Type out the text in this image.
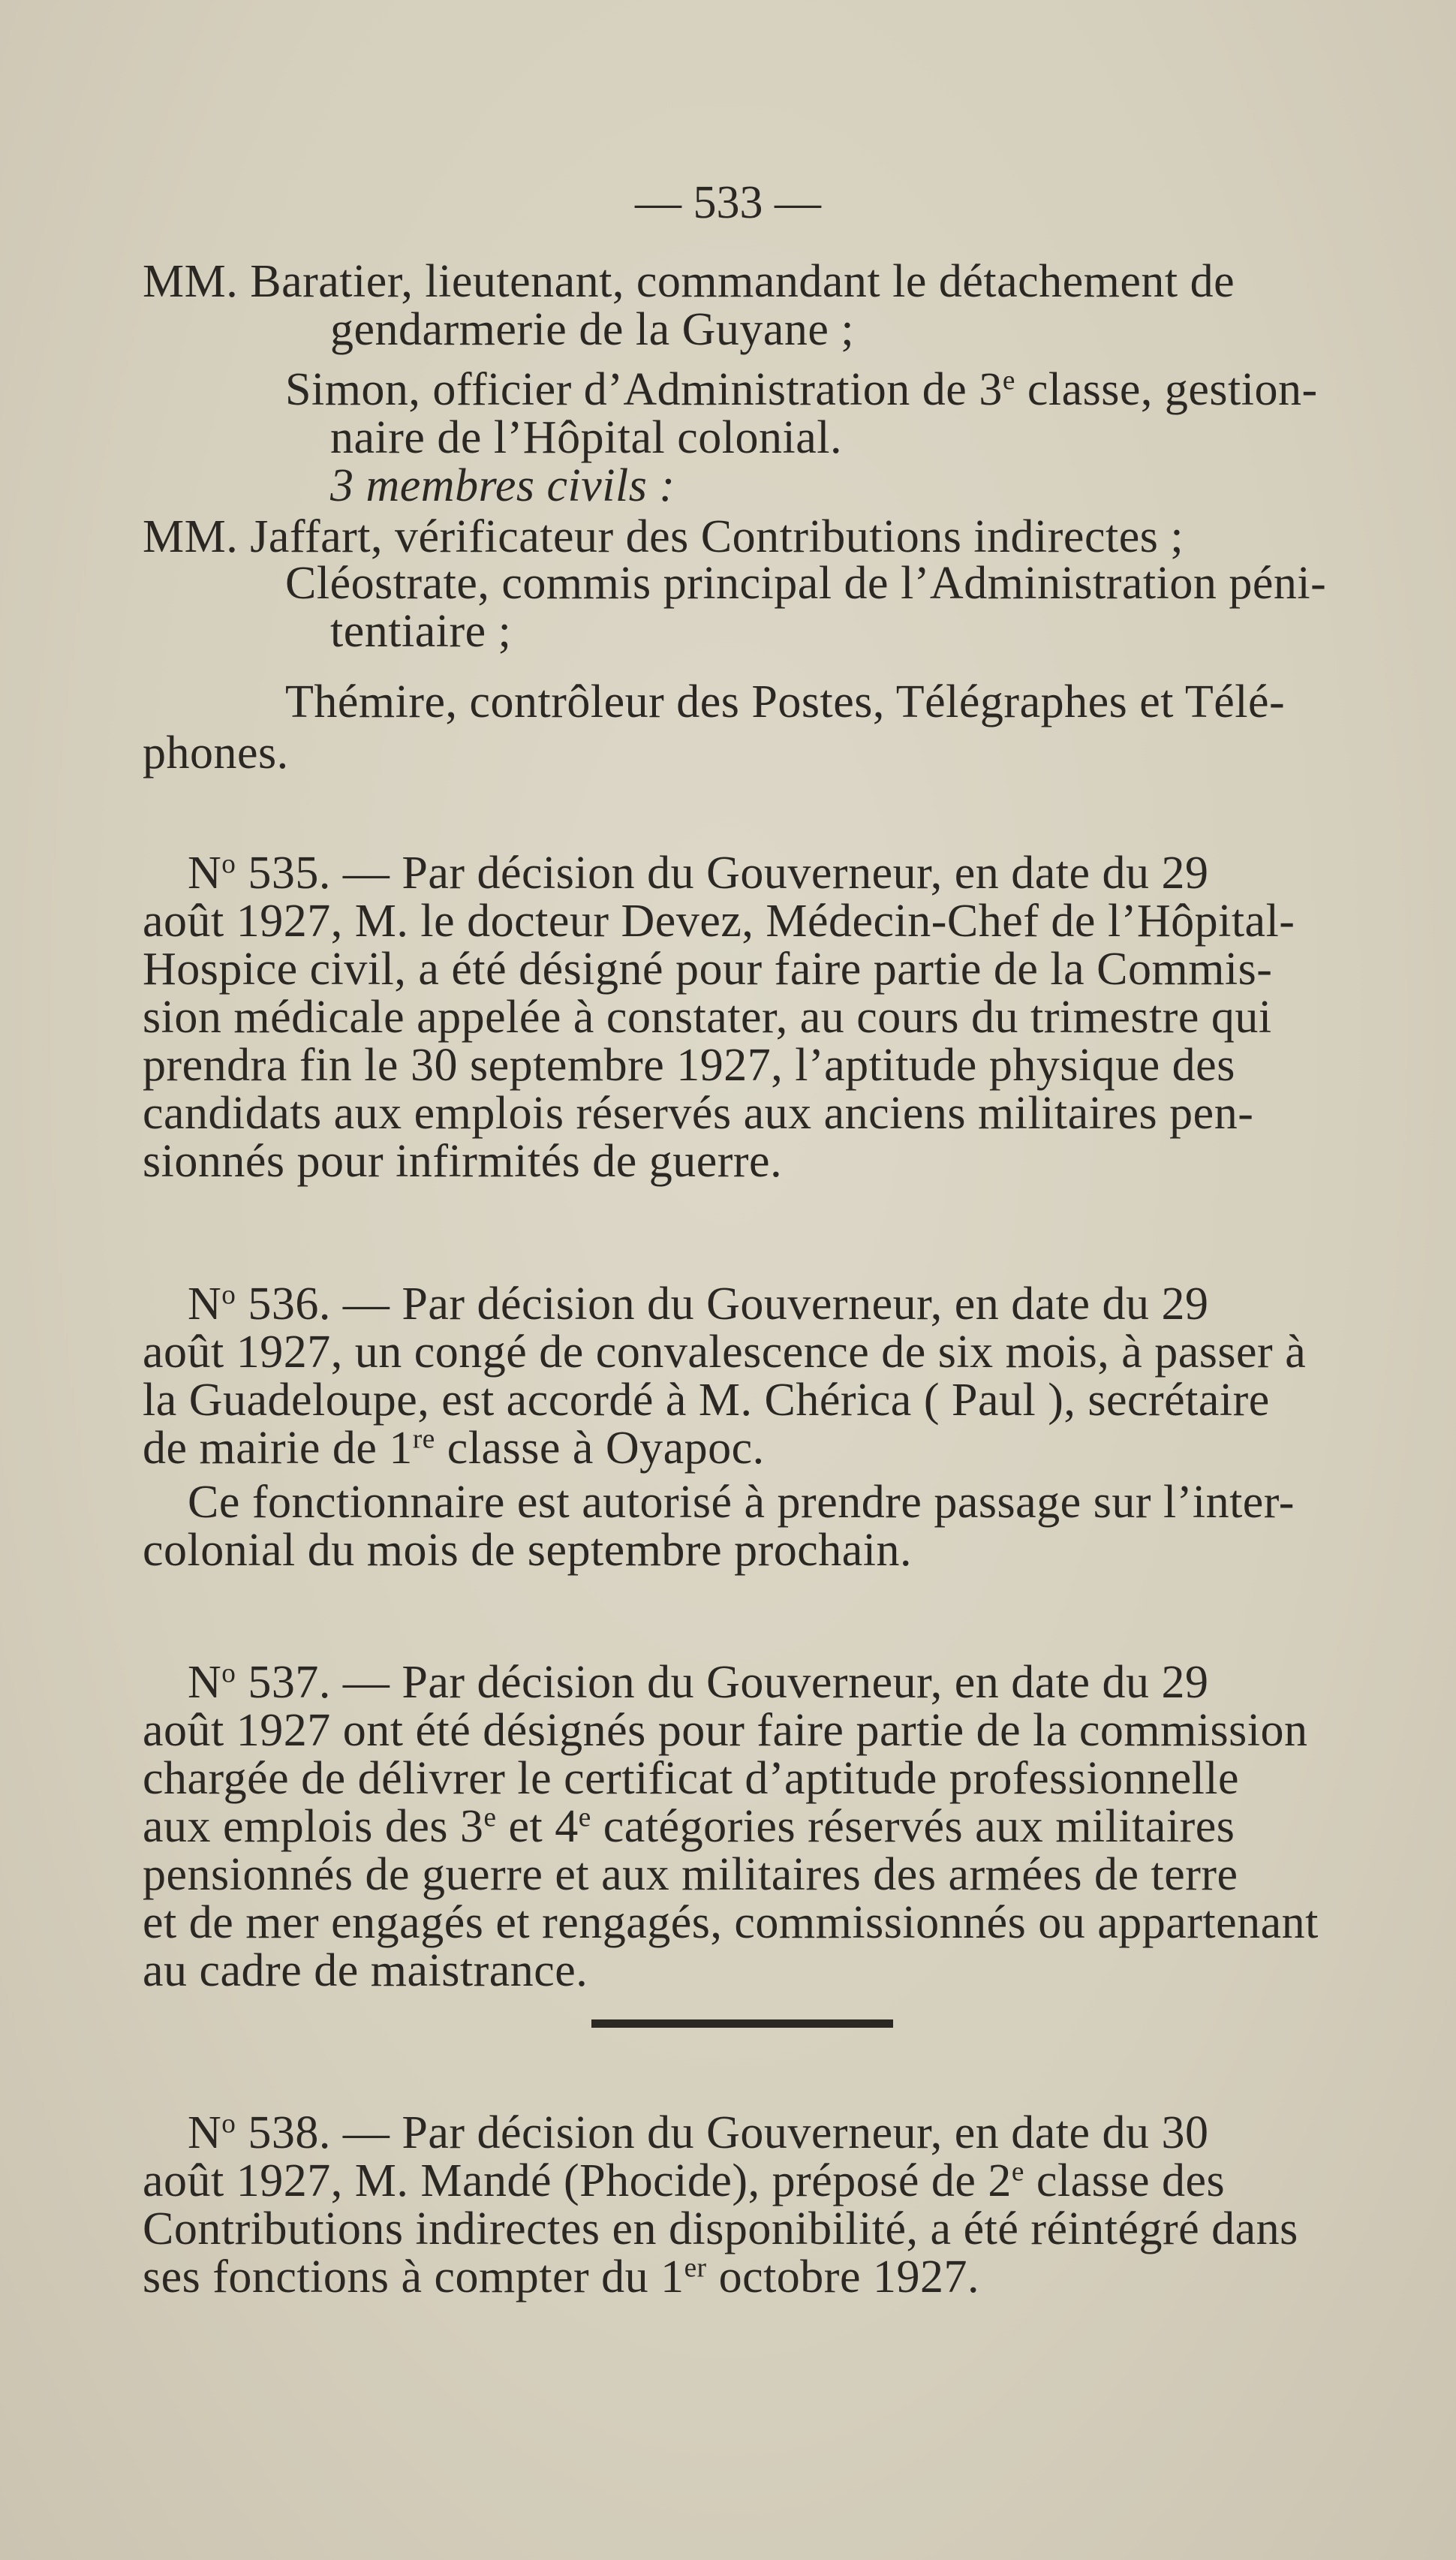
— 533 —
MM. Baratier, lieutenant, commandant le détachement de
gendarmerie de la Guyane ;
Simon, officier d’Administration de 3e classe, gestion-
naire de l’Hôpital colonial.
3 membres civils :
MM. Jaffart, vérificateur des Contributions indirectes ;
Cléostrate, commis principal de l’Administration péni-
tentiaire ;
Thémire, contrôleur des Postes, Télégraphes et Télé-
phones.
$N^o$ 535. — Par décision du Gouverneur, en date du 29
août 1927, M. le docteur Devez, Médecin-Chef de l’Hôpital-
Hospice civil, a été désigné pour faire partie de la Commis-
sion médicale appelée à constater, au cours du trimestre qui
prendra fin le 30 septembre 1927, l’aptitude physique des
candidats aux emplois réservés aux anciens militaires pen-
sionnés pour infirmités de guerre.
$N^o$ 536. — Par décision du Gouverneur, en date du 29
août 1927, un congé de convalescence de six mois, à passer à
la Guadeloupe, est accordé à M. Chérica ( Paul ), secrétaire
de mairie de 1re classe à Oyapoc.
Ce fonctionnaire est autorisé à prendre passage sur l’inter-
colonial du mois de septembre prochain.
$N^o$ 537. — Par décision du Gouverneur, en date du 29
août 1927 ont été désignés pour faire partie de la commission
chargée de délivrer le certificat d’aptitude professionnelle
aux emplois des 3e et 4e catégories réservés aux militaires
pensionnés de guerre et aux militaires des armées de terre
et de mer engagés et rengagés, commissionnés ou appartenant
au cadre de maistrance.
$N^o$ 538. — Par décision du Gouverneur, en date du 30
août 1927, M. Mandé (Phocide), préposé de 2e classe des
Contributions indirectes en disponibilité, a été réintégré dans
ses fonctions à compter du 1er octobre 1927.
